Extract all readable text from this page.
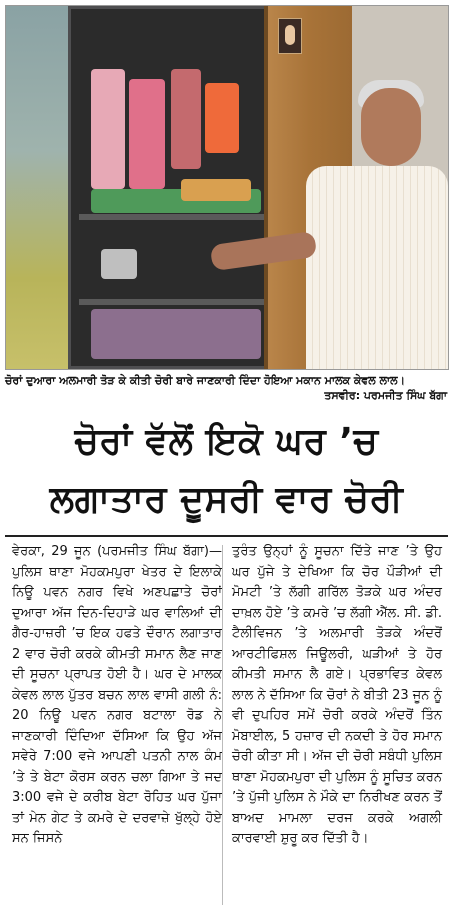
ਚੋਰਾਂ ਦੁਆਰਾ ਅਲਮਾਰੀ ਤੋੜ ਕੇ ਕੀਤੀ ਚੋਰੀ ਬਾਰੇ ਜਾਣਕਾਰੀ ਦਿੰਦਾ ਹੋਇਆ ਮਕਾਨ ਮਾਲਕ ਕੇਵਲ ਲਾਲ।
ਤਸਵੀਰ: ਪਰਮਜੀਤ ਸਿੰਘ ਬੱਗਾ
ਚੋਰਾਂ ਵੱਲੋਂ ਇਕੋ ਘਰ ’ਚ
ਲਗਾਤਾਰ ਦੂਸਰੀ ਵਾਰ ਚੋਰੀ
ਵੇਰਕਾ, 29 ਜੂਨ (ਪਰਮਜੀਤ ਸਿੰਘ ਬੱਗਾ)—ਪੁਲਿਸ ਥਾਣਾ ਮੋਹਕਮਪੁਰਾ ਖੇਤਰ ਦੇ ਇਲਾਕੇ ਨਿਊ ਪਵਨ ਨਗਰ ਵਿਖੇ ਅਣਪਛਾਤੇ ਚੋਰਾਂ ਦੁਆਰਾ ਅੱਜ ਦਿਨ-ਦਿਹਾੜੇ ਘਰ ਵਾਲਿਆਂ ਦੀ ਗੈਰ-ਹਾਜ਼ਰੀ ’ਚ ਇਕ ਹਫਤੇ ਦੌਰਾਨ ਲਗਾਤਾਰ 2 ਵਾਰ ਚੋਰੀ ਕਰਕੇ ਕੀਮਤੀ ਸਮਾਨ ਲੈਣ ਜਾਣ ਦੀ ਸੂਚਨਾ ਪ੍ਰਾਪਤ ਹੋਈ ਹੈ। ਘਰ ਦੇ ਮਾਲਕ ਕੇਵਲ ਲਾਲ ਪੁੱਤਰ ਬਚਨ ਲਾਲ ਵਾਸੀ ਗਲੀ ਨੰ: 20 ਨਿਊ ਪਵਨ ਨਗਰ ਬਟਾਲਾ ਰੋਡ ਨੇ ਜਾਣਕਾਰੀ ਦਿੰਦਿਆ ਦੱਸਿਆ ਕਿ ਉਹ ਅੱਜ ਸਵੇਰੇ 7:00 ਵਜੇ ਆਪਣੀ ਪਤਨੀ ਨਾਲ ਕੰਮ ’ਤੇ ਤੇ ਬੇਟਾ ਕੋਰਸ ਕਰਨ ਚਲਾ ਗਿਆ ਤੇ ਜਦ 3:00 ਵਜੇ ਦੇ ਕਰੀਬ ਬੇਟਾ ਰੋਹਿਤ ਘਰ ਪੁੱਜਾ ਤਾਂ ਮੇਨ ਗੇਟ ਤੇ ਕਮਰੇ ਦੇ ਦਰਵਾਜ਼ੇ ਖੁੱਲ੍ਹੇ ਹੋਏ ਸਨ ਜਿਸਨੇ
ਤੁਰੰਤ ਉਨ੍ਹਾਂ ਨੂੰ ਸੂਚਨਾ ਦਿੱਤੇ ਜਾਣ ’ਤੇ ਉਹ ਘਰ ਪੁੱਜੇ ਤੇ ਦੇਖਿਆ ਕਿ ਚੋਰ ਪੌੜੀਆਂ ਦੀ ਮੋਮਟੀ ’ਤੇ ਲੱਗੀ ਗਰਿੱਲ ਤੋੜਕੇ ਘਰ ਅੰਦਰ ਦਾਖ਼ਲ ਹੋਏ ’ਤੇ ਕਮਰੇ ’ਚ ਲੱਗੀ ਐੱਲ. ਸੀ. ਡੀ. ਟੈਲੀਵਿਜਨ ’ਤੇ ਅਲਮਾਰੀ ਤੋੜਕੇ ਅੰਦਰੋਂ ਆਰਟੀਫਿਸ਼ਲ ਜਿਊਲਰੀ, ਘੜੀਆਂ ਤੇ ਹੋਰ ਕੀਮਤੀ ਸਮਾਨ ਲੈ ਗਏ। ਪ੍ਰਭਾਵਿਤ ਕੇਵਲ ਲਾਲ ਨੇ ਦੱਸਿਆ ਕਿ ਚੋਰਾਂ ਨੇ ਬੀਤੀ 23 ਜੂਨ ਨੂੰ ਵੀ ਦੁਪਹਿਰ ਸਮੇਂ ਚੋਰੀ ਕਰਕੇ ਅੰਦਰੋਂ ਤਿੰਨ ਮੋਬਾਈਲ, 5 ਹਜ਼ਾਰ ਦੀ ਨਕਦੀ ਤੇ ਹੋਰ ਸਮਾਨ ਚੋਰੀ ਕੀਤਾ ਸੀ। ਅੱਜ ਦੀ ਚੋਰੀ ਸਬੰਧੀ ਪੁਲਿਸ ਥਾਣਾ ਮੋਹਕਮਪੁਰਾ ਦੀ ਪੁਲਿਸ ਨੂੰ ਸੂਚਿਤ ਕਰਨ ’ਤੇ ਪੁੱਜੀ ਪੁਲਿਸ ਨੇ ਮੌਕੇ ਦਾ ਨਿਰੀਖਣ ਕਰਨ ਤੋਂ ਬਾਅਦ ਮਾਮਲਾ ਦਰਜ ਕਰਕੇ ਅਗਲੀ ਕਾਰਵਾਈ ਸ਼ੁਰੂ ਕਰ ਦਿੱਤੀ ਹੈ।
